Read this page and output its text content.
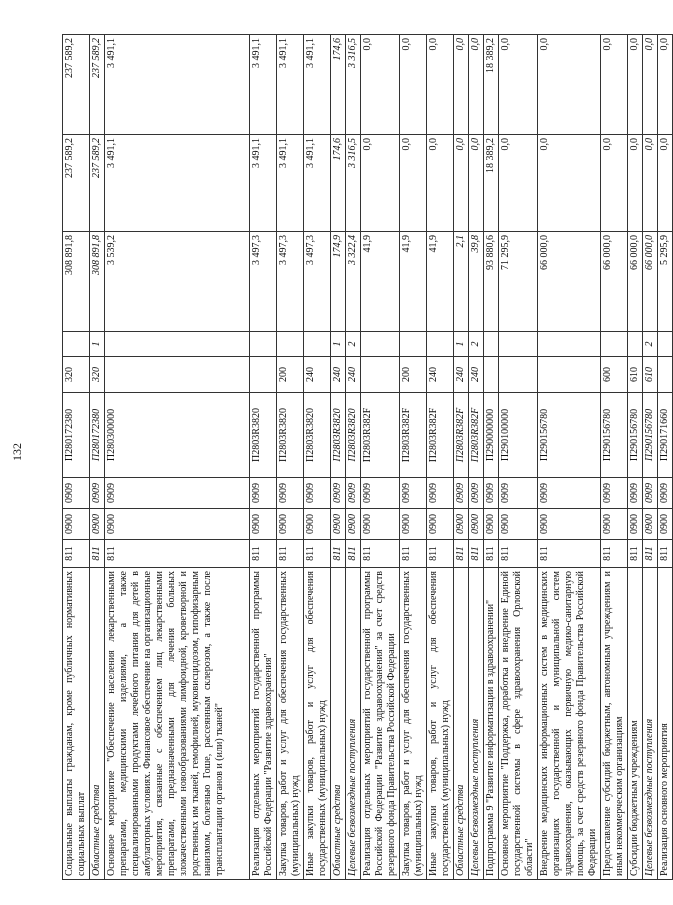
132
Социальные выплаты гражданам, кроме публичных нормативных социальных выплат	811	0900	0909	П280172380	320		308 891,8	237 589,2	237 589,2
Областные средства	811	0900	0909	П280172380	320	1	308 891,8	237 589,2	237 589,2
Основное мероприятие "Обеспечение населения лекарственными препаратами, медицинскими изделиями, а также специализированными продуктами лечебного питания для детей в амбулаторных условиях. Финансовое обеспечение на организационные мероприятия, связанные с обеспечением лиц лекарственными препаратами, предназначенными для лечения больных злокачественными новообразованиями лимфоидной, кроветворной и родственных им тканей, гемофилией, муковисцидозом, гипофизарным нанизмом, болезнью Гоше, рассеянным склерозом, а также после трансплантации органов и (или) тканей"	811	0900	0909	П280300000			3 539,2	3 491,1	3 491,1
Реализация отдельных мероприятий государственной программы Российской Федерации "Развитие здравоохранения"	811	0900	0909	П2803R3820			3 497,3	3 491,1	3 491,1
Закупка товаров, работ и услуг для обеспечения государственных (муниципальных) нужд	811	0900	0909	П2803R3820	200		3 497,3	3 491,1	3 491,1
Иные закупки товаров, работ и услуг для обеспечения государственных (муниципальных) нужд	811	0900	0909	П2803R3820	240		3 497,3	3 491,1	3 491,1
Областные средства	811	0900	0909	П2803R3820	240	1	174,9	174,6	174,6
Целевые безвозмездные поступления	811	0900	0909	П2803R3820	240	2	3 322,4	3 316,5	3 316,5
Реализация отдельных мероприятий государственной программы Российской Федерации "Развитие здравоохранения" за счет средств резервного фонда Правительства Российской Федерации	811	0900	0909	П2803R382F			41,9	0,0	0,0
Закупка товаров, работ и услуг для обеспечения государственных (муниципальных) нужд	811	0900	0909	П2803R382F	200		41,9	0,0	0,0
Иные закупки товаров, работ и услуг для обеспечения государственных (муниципальных) нужд	811	0900	0909	П2803R382F	240		41,9	0,0	0,0
Областные средства	811	0900	0909	П2803R382F	240	1	2,1	0,0	0,0
Целевые безвозмездные поступления	811	0900	0909	П2803R382F	240	2	39,8	0,0	0,0
Подпрограмма 9 "Развитие информатизации в здравоохранении"	811	0900	0909	П290000000			93 880,6	18 389,2	18 389,2
Основное мероприятие "Поддержка, доработка и внедрение Единой государственной системы в сфере здравоохранения Орловской области"	811	0900	0909	П290100000			71 295,9	0,0	0,0
Внедрение медицинских информационных систем в медицинских организациях государственной и муниципальной систем здравоохранения, оказывающих первичную медико-санитарную помощь, за счет средств резервного фонда Правительства Российской Федерации	811	0900	0909	П290156780			66 000,0	0,0	0,0
Предоставление субсидий бюджетным, автономным учреждениям и иным некоммерческим организациям	811	0900	0909	П290156780	600		66 000,0	0,0	0,0
Субсидии бюджетным учреждениям	811	0900	0909	П290156780	610		66 000,0	0,0	0,0
Целевые безвозмездные поступления	811	0900	0909	П290156780	610	2	66 000,0	0,0	0,0
Реализация основного мероприятия	811	0900	0909	П290171660			5 295,9	0,0	0,0
